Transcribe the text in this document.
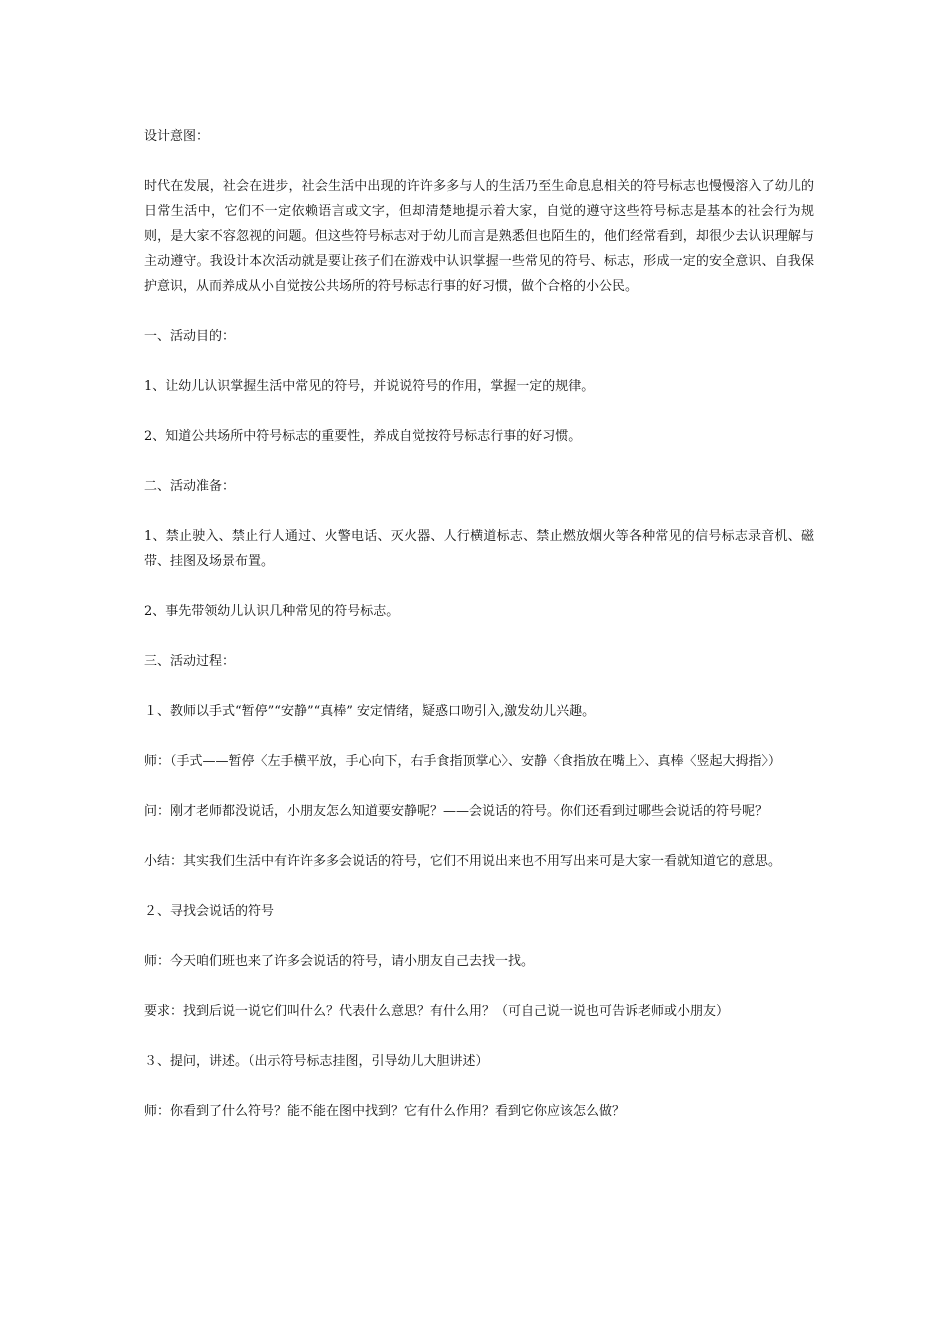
设计意图：

时代在发展，社会在进步，社会生活中出现的许许多多与人的生活乃至生命息息相关的符号标志也慢慢溶入了幼儿的日常生活中，它们不一定依赖语言或文字，但却清楚地提示着大家，自觉的遵守这些符号标志是基本的社会行为规则，是大家不容忽视的问题。但这些符号标志对于幼儿而言是熟悉但也陌生的，他们经常看到，却很少去认识理解与主动遵守。我设计本次活动就是要让孩子们在游戏中认识掌握一些常见的符号、标志，形成一定的安全意识、自我保护意识，从而养成从小自觉按公共场所的符号标志行事的好习惯，做个合格的小公民。

一、活动目的：

1、让幼儿认识掌握生活中常见的符号，并说说符号的作用，掌握一定的规律。

2、知道公共场所中符号标志的重要性，养成自觉按符号标志行事的好习惯。

二、活动准备：

1、禁止驶入、禁止行人通过、火警电话、灭火器、人行横道标志、禁止燃放烟火等各种常见的信号标志录音机、磁带、挂图及场景布置。

2、事先带领幼儿认识几种常见的符号标志。

三、活动过程：

１、教师以手式“暂停”“安静”“真棒” 安定情绪，疑惑口吻引入,激发幼儿兴趣。

师：（手式——暂停〈左手横平放，手心向下，右手食指顶掌心〉、安静〈食指放在嘴上〉、真棒〈竖起大拇指〉）

问：刚才老师都没说话，小朋友怎么知道要安静呢？——会说话的符号。你们还看到过哪些会说话的符号呢？

小结：其实我们生活中有许许多多会说话的符号，它们不用说出来也不用写出来可是大家一看就知道它的意思。

２、寻找会说话的符号

师：今天咱们班也来了许多会说话的符号，请小朋友自己去找一找。

要求：找到后说一说它们叫什么？代表什么意思？有什么用？（可自己说一说也可告诉老师或小朋友）

３、提问，讲述。（出示符号标志挂图，引导幼儿大胆讲述）

师：你看到了什么符号？能不能在图中找到？它有什么作用？看到它你应该怎么做？
